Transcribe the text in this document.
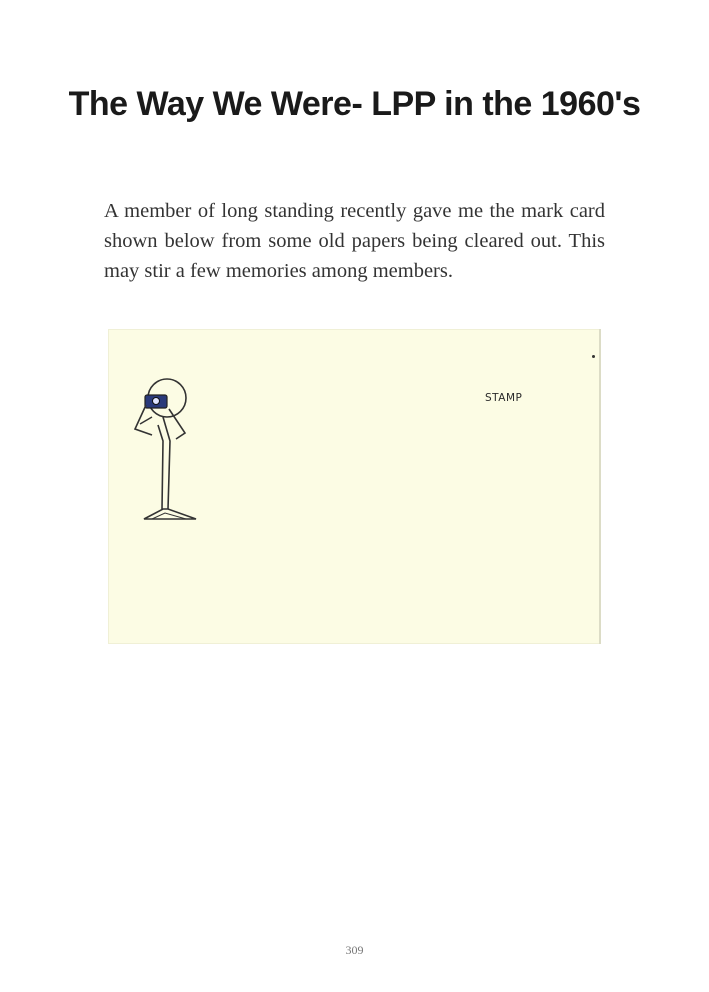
The Way We Were- LPP in the 1960's

A member of long standing recently gave me the mark card shown below from some old papers being cleared out. This may stir a few memories among members.

STAMP
309
